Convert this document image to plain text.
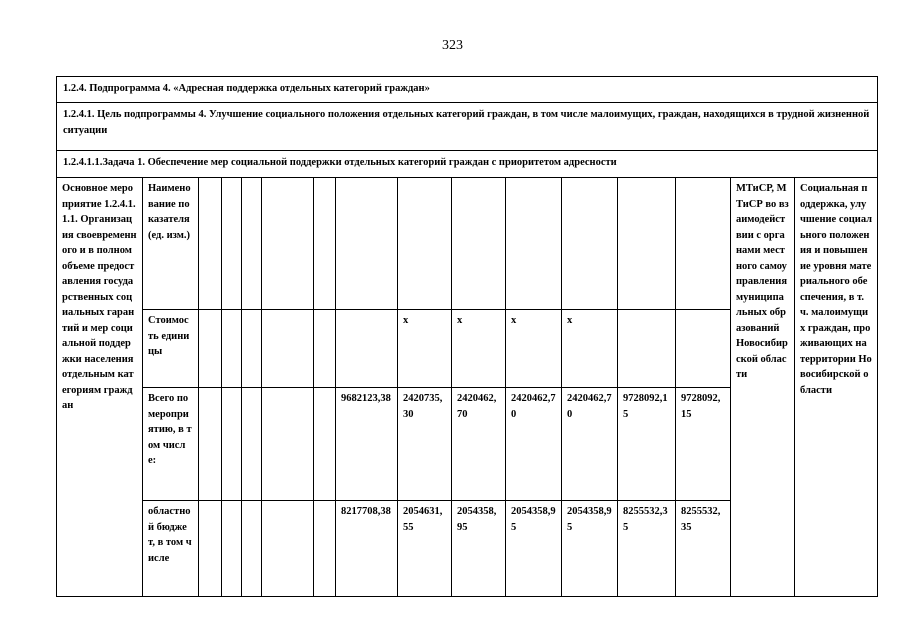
323
1.2.4. Подпрограмма 4. «Адресная поддержка отдельных категорий граждан»															
1.2.4.1. Цель подпрограммы 4. Улучшение социального положения отдельных категорий граждан, в том числе малоимущих, граждан, находящихся в трудной жизненной ситуации															
1.2.4.1.1.Задача 1. Обеспечение мер социальной поддержки отдельных категорий граждан с приоритетом адресности															
Основное мероприятие 1.2.4.1.1.1. Организация своевременного и в полном объеме предоставления государственных социальных гарантий и мер социальной поддержки населения отдельным категориям граждан	Наименование показателя (ед. изм.)													МТиСР, МТиСР во взаимодействии с органами местного самоуправления муниципальных образований Новосибирской области	Социальная поддержка, улучшение социального положения и повышение уровня материального обеспечения, в т.ч. малоимущих граждан, проживающих на территории Новосибирской области
	Стоимость единицы							х	х	х	х				
	Всего по мероприятию, в том числе:						9682123,38	2420735,30	2420462,70	2420462,70	2420462,70	9728092,15	9728092,15		
	областной бюджет, в том числе						8217708,38	2054631,55	2054358,95	2054358,95	2054358,95	8255532,35	8255532,35		
